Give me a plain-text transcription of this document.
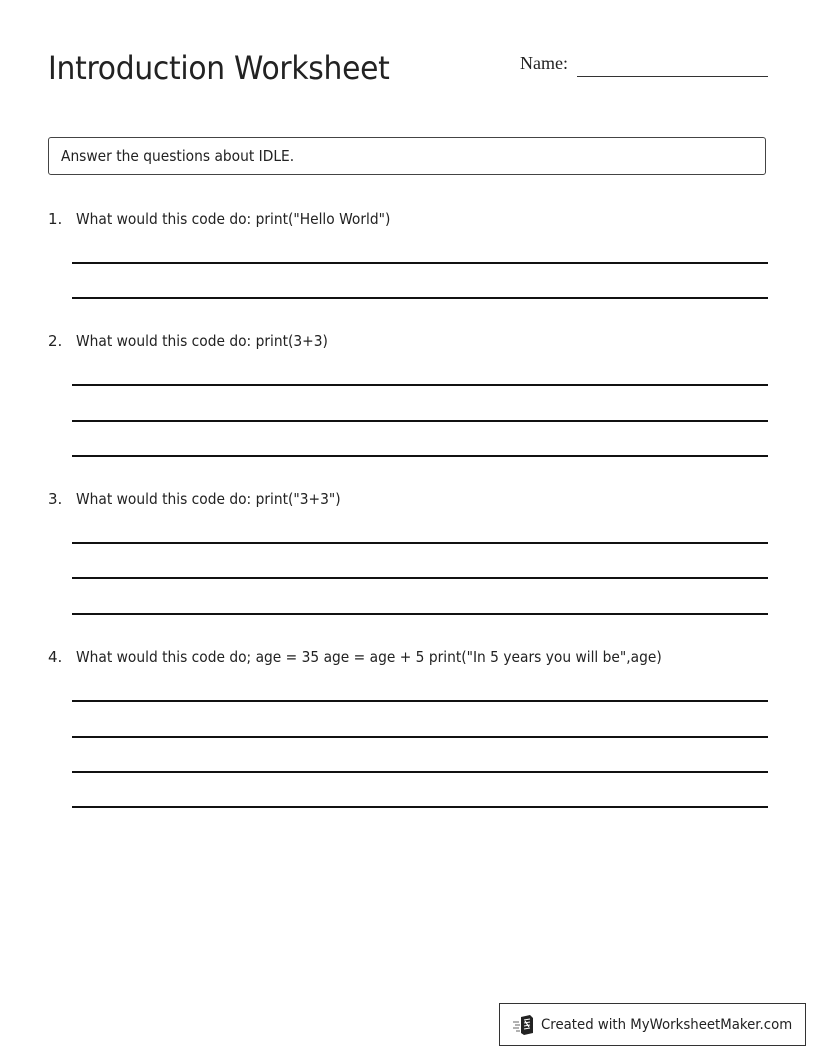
Introduction Worksheet	Name:
Answer the questions about IDLE.
1. What would this code do: print("Hello World")
2. What would this code do: print(3+3)
3. What would this code do: print("3+3")
4. What would this code do; age = 35 age = age + 5 print("In 5 years you will be",age)
Created with MyWorksheetMaker.com
